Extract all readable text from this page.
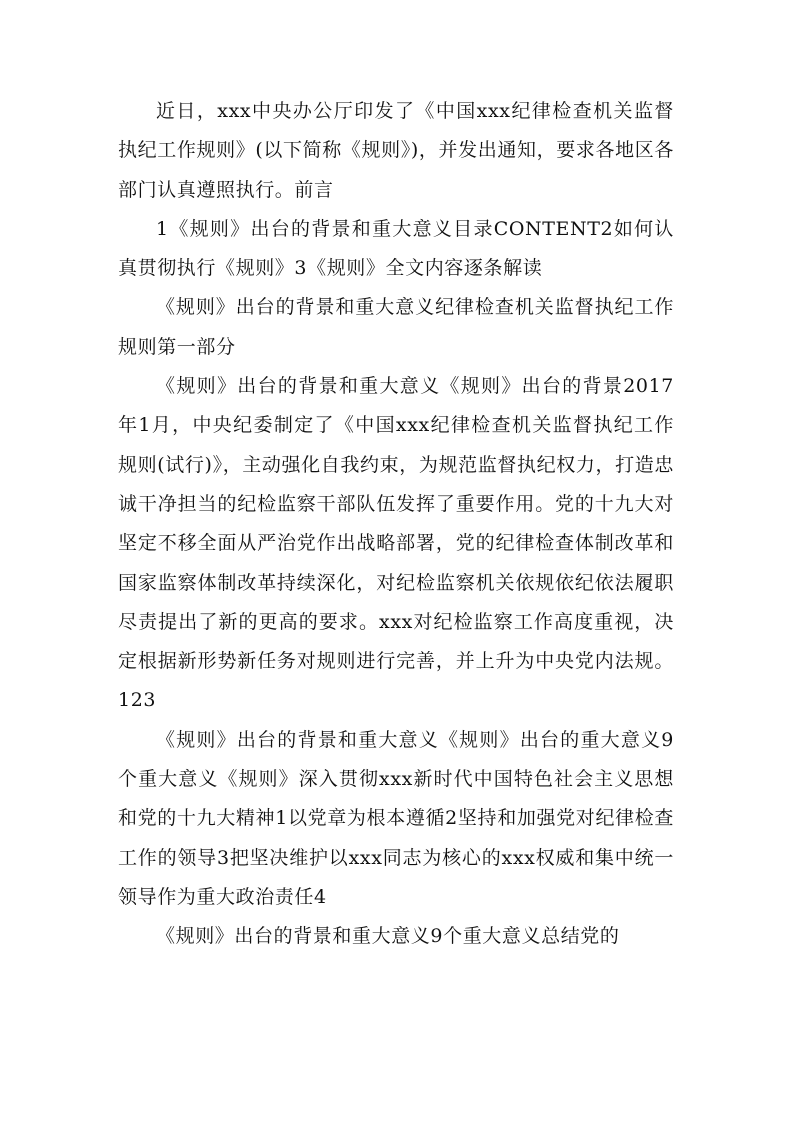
近日，xxx中央办公厅印发了《中国xxx纪律检查机关监督执纪工作规则》(以下简称《规则》)，并发出通知，要求各地区各部门认真遵照执行。前言

1《规则》出台的背景和重大意义目录CONTENT2如何认真贯彻执行《规则》3《规则》全文内容逐条解读

《规则》出台的背景和重大意义纪律检查机关监督执纪工作规则第一部分

《规则》出台的背景和重大意义《规则》出台的背景2017年1月，中央纪委制定了《中国xxx纪律检查机关监督执纪工作规则(试行)》，主动强化自我约束，为规范监督执纪权力，打造忠诚干净担当的纪检监察干部队伍发挥了重要作用。党的十九大对坚定不移全面从严治党作出战略部署，党的纪律检查体制改革和国家监察体制改革持续深化，对纪检监察机关依规依纪依法履职尽责提出了新的更高的要求。xxx对纪检监察工作高度重视，决定根据新形势新任务对规则进行完善，并上升为中央党内法规。123

《规则》出台的背景和重大意义《规则》出台的重大意义9个重大意义《规则》深入贯彻xxx新时代中国特色社会主义思想和党的十九大精神1以党章为根本遵循2坚持和加强党对纪律检查工作的领导3把坚决维护以xxx同志为核心的xxx权威和集中统一领导作为重大政治责任4

《规则》出台的背景和重大意义9个重大意义总结党的
